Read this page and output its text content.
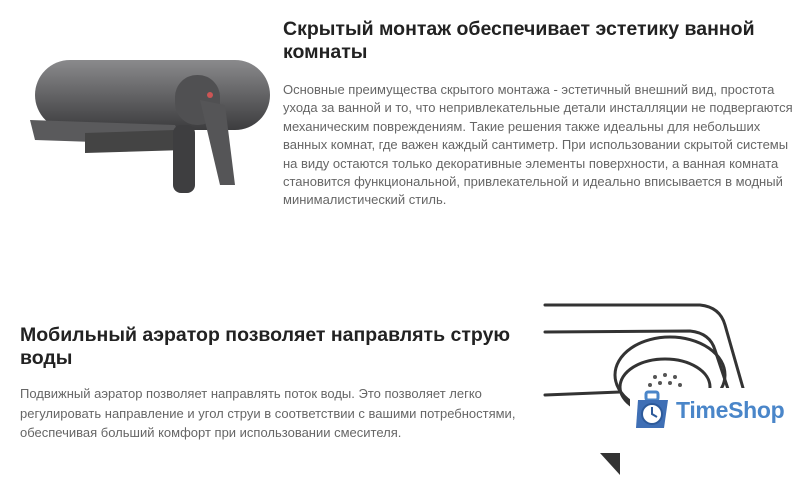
Скрытый монтаж обеспечивает эстетику ванной комнаты

Основные преимущества скрытого монтажа - эстетичный внешний вид, простота ухода за ванной и то, что непривлекательные детали инсталляции не подвергаются механическим повреждениям. Такие решения также идеальны для небольших ванных комнат, где важен каждый сантиметр. При использовании скрытой системы на виду остаются только декоративные элементы поверхности, а ванная комната становится функциональной, привлекательной и идеально вписывается в модный минималистический стиль.

Мобильный аэратор позволяет направлять струю воды

Подвижный аэратор позволяет направлять поток воды. Это позволяет легко регулировать направление и угол струи в соответствии с вашими потребностями, обеспечивая больший комфорт при использовании смесителя.

TimeShop
